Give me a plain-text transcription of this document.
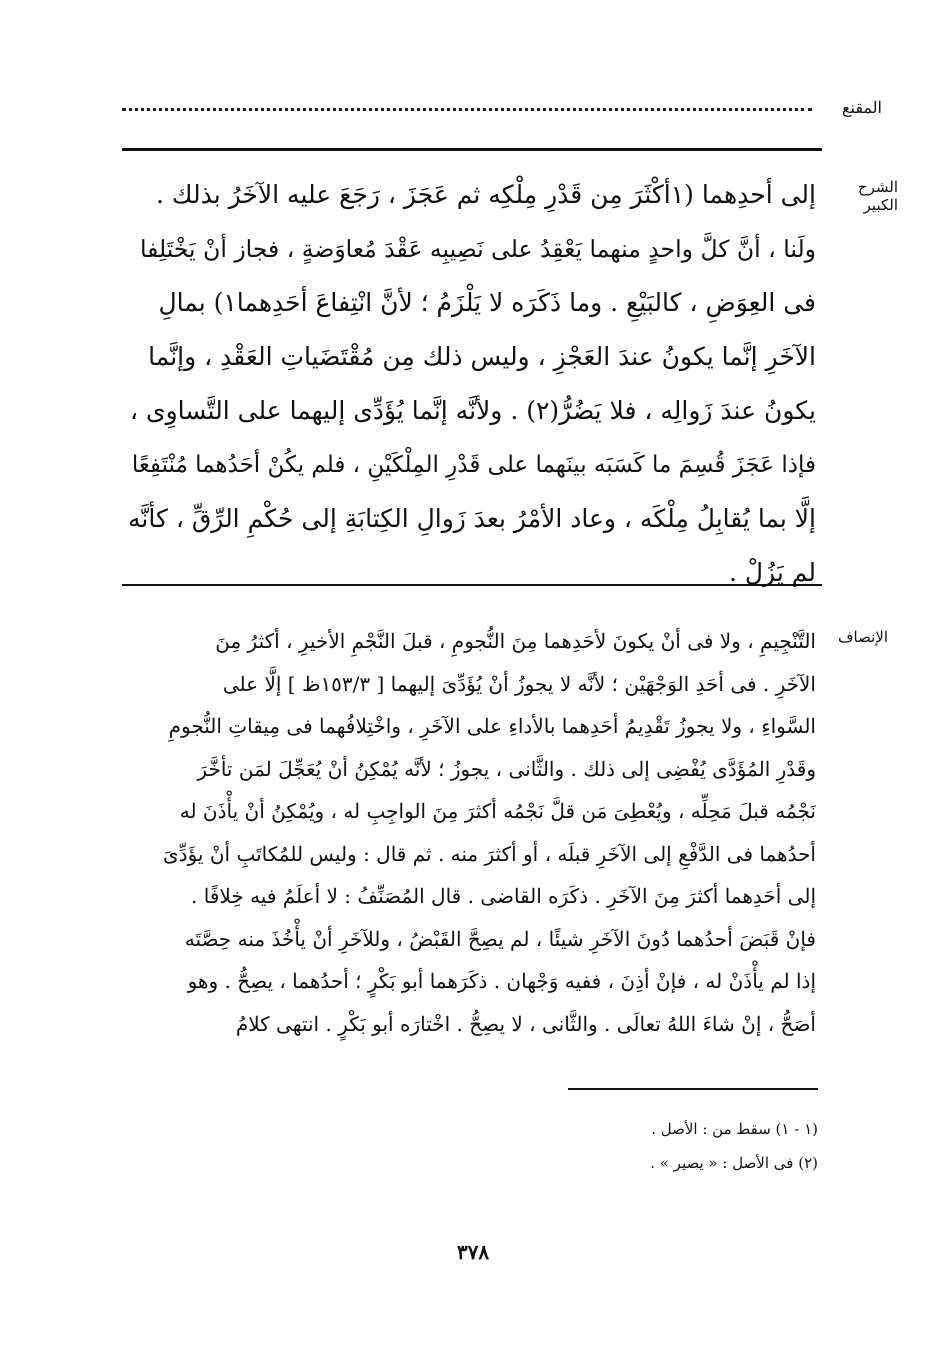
المقنع
الشرح الكبير
إلى أحدِهما (١أكْثَرَ مِن قَدْرِ مِلْكِه ثم عَجَزَ ، رَجَعَ عليه الآخَرُ بذلك .
ولَنا ، أنَّ كلَّ واحدٍ منهما يَعْقِدُ على نَصِيبِه عَقْدَ مُعاوَضةٍ ، فجاز أنْ يَخْتَلِفا
فى العِوَضِ ، كالبَيْعِ . وما ذَكَرَه لا يَلْزَمُ ؛ لأنَّ انْتِفاعَ أحَدِهما١) بمالِ
الآخَرِ إنَّما يكونُ عندَ العَجْزِ ، وليس ذلك مِن مُقْتَضَياتِ العَقْدِ ، وإنَّما
يكونُ عندَ زَوالِه ، فلا يَضُرُّ(٢) . ولأنَّه إنَّما يُؤَدِّى إليهما على التَّساوِى ،
فإذا عَجَزَ قُسِمَ ما كَسَبَه بينَهما على قَدْرِ المِلْكَيْنِ ، فلم يكُنْ أحَدُهما مُنْتَفِعًا
إلَّا بما يُقابِلُ مِلْكَه ، وعاد الأمْرُ بعدَ زَوالِ الكِتابَةِ إلى حُكْمِ الرِّقِّ ، كأنَّه
لم يَزُلْ .
الإنصاف
التَّنْجِيمِ ، ولا فى أنْ يكونَ لأحَدِهما مِنَ النُّجومِ ، قبلَ النَّجْمِ الأخيرِ ، أكثرُ مِنَ
الآخَرِ . فى أحَدِ الوَجْهَيْن ؛ لأنَّه لا يجوزُ أنْ يُؤَدِّىَ إليهما [ ١٥٣/٣ظ ] إلَّا على
السَّواءِ ، ولا يجوزُ تَقْدِيمُ أحَدِهما بالأداءِ على الآخَرِ ، واخْتِلافُهما فى مِيقاتِ النُّجومِ
وقَدْرِ المُؤَدَّى يُفْضِى إلى ذلك . والثَّانى ، يجوزُ ؛ لأنَّه يُمْكِنُ أنْ يُعَجِّلَ لمَن تأخَّرَ
نَجْمُه قبلَ مَحِلِّه ، ويُعْطِىَ مَن قلَّ نَجْمُه أكثرَ مِنَ الواجِبِ له ، ويُمْكِنُ أنْ يأْذَنَ له
أحدُهما فى الدَّفْعِ إلى الآخَرِ قبلَه ، أو أكثرَ منه . ثم قال : وليس للمُكاتَبِ أنْ يؤَدِّىَ
إلى أحَدِهما أكثرَ مِنَ الآخَرِ . ذكَرَه القاضى . قال المُصَنِّفُ : لا أعلَمُ فيه خِلافًا .
فإنْ قَبَضَ أحدُهما دُونَ الآخَرِ شيئًا ، لم يصِحَّ القَبْضُ ، وللآخَرِ أنْ يأْخُذَ منه حِصَّتَه
إذا لم يأْذَنْ له ، فإنْ أذِنَ ، ففيه وَجْهان . ذكَرَهما أبو بَكْرٍ ؛ أحدُهما ، يصِحُّ . وهو
أصَحُّ ، إنْ شاءَ اللهُ تعالَى . والثَّانى ، لا يصِحُّ . اخْتارَه أبو بَكْرٍ . انتهى كلامُ
(١ - ١) سقط من : الأصل .
(٢) فى الأصل : « يصير » .
٣٧٨
